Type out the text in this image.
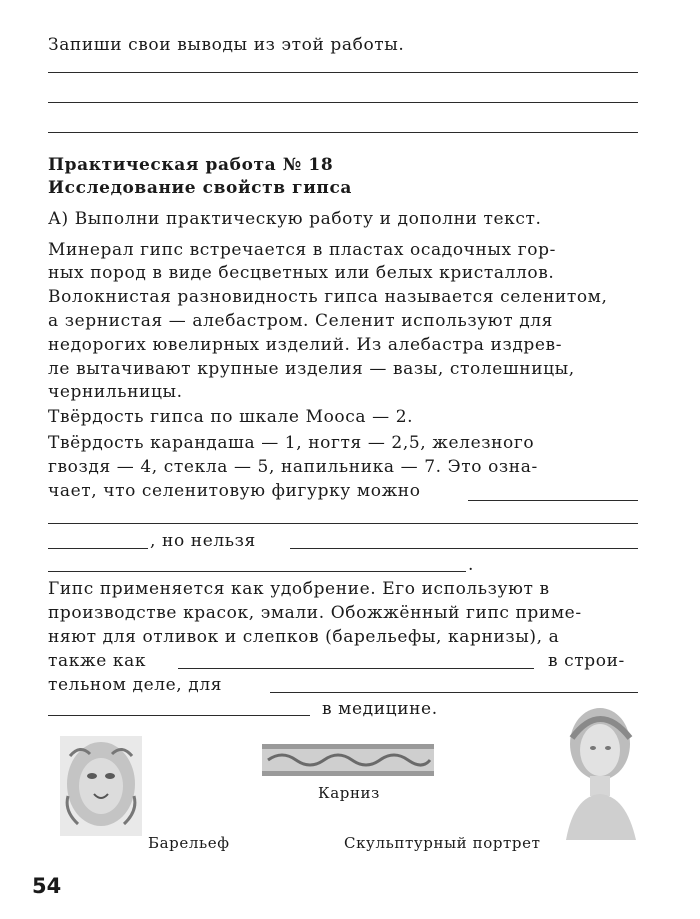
Запиши свои выводы из этой работы.
Практическая работа № 18
Исследование свойств гипса
А) Выполни практическую работу и дополни текст.
Минерал гипс встречается в пластах осадочных гор-
ных пород в виде бесцветных или белых кристаллов.
Волокнистая разновидность гипса называется селенитом,
а зернистая — алебастром. Селенит используют для
недорогих ювелирных изделий. Из алебастра издрев-
ле вытачивают крупные изделия — вазы, столешницы,
чернильницы.
Твёрдость гипса по шкале Мооса — 2.
Твёрдость карандаша — 1, ногтя — 2,5, железного
гвоздя — 4, стекла — 5, напильника — 7. Это озна-
чает, что селенитовую фигурку можно
, но нельзя
.
Гипс применяется как удобрение. Его используют в
производстве красок, эмали. Обожжённый гипс приме-
няют для отливок и слепков (барельефы, карнизы), а
также как	в строи-
тельном деле, для
в медицине.
Барельеф
Карниз
Скульптурный портрет
54
